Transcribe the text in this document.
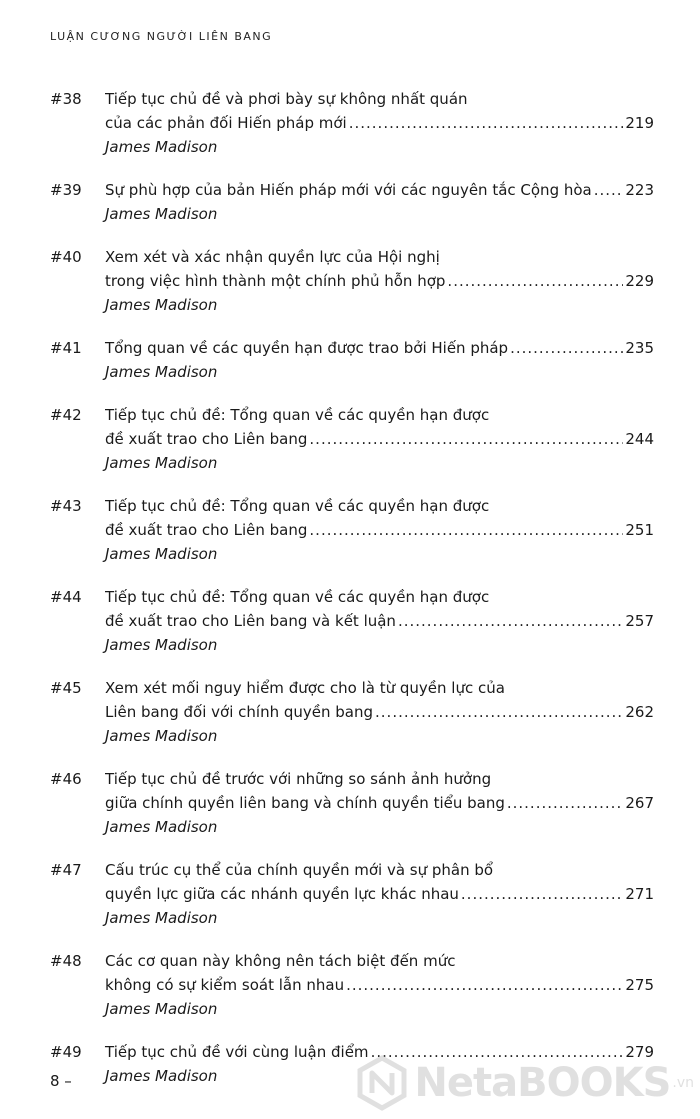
LUẬN CƯƠNG NGƯỜI LIÊN BANG
#38 Tiếp tục chủ đề và phơi bày sự không nhất quán
của các phản đối Hiến pháp mới .....	219
James Madison
#39 Sự phù hợp của bản Hiến pháp mới với các nguyên tắc Cộng hòa ..... 223
James Madison
#40 Xem xét và xác nhận quyền lực của Hội nghị
trong việc hình thành một chính phủ hỗn hợp .....	229
James Madison
#41 Tổng quan về các quyền hạn được trao bởi Hiến pháp .....	235
James Madison
#42 Tiếp tục chủ đề: Tổng quan về các quyền hạn được
đề xuất trao cho Liên bang .....	244
James Madison
#43 Tiếp tục chủ đề: Tổng quan về các quyền hạn được
đề xuất trao cho Liên bang .....	251
James Madison
#44 Tiếp tục chủ đề: Tổng quan về các quyền hạn được
đề xuất trao cho Liên bang và kết luận .....	257
James Madison
#45 Xem xét mối nguy hiểm được cho là từ quyền lực của
Liên bang đối với chính quyền bang .....	262
James Madison
#46 Tiếp tục chủ đề trước với những so sánh ảnh hưởng
giữa chính quyền liên bang và chính quyền tiểu bang .....	267
James Madison
#47 Cấu trúc cụ thể của chính quyền mới và sự phân bổ
quyền lực giữa các nhánh quyền lực khác nhau .....	271
James Madison
#48 Các cơ quan này không nên tách biệt đến mức
không có sự kiểm soát lẫn nhau .....	275
James Madison
#49 Tiếp tục chủ đề với cùng luận điểm .....	279
James Madison
8 –	NetaBOOKS .vn
